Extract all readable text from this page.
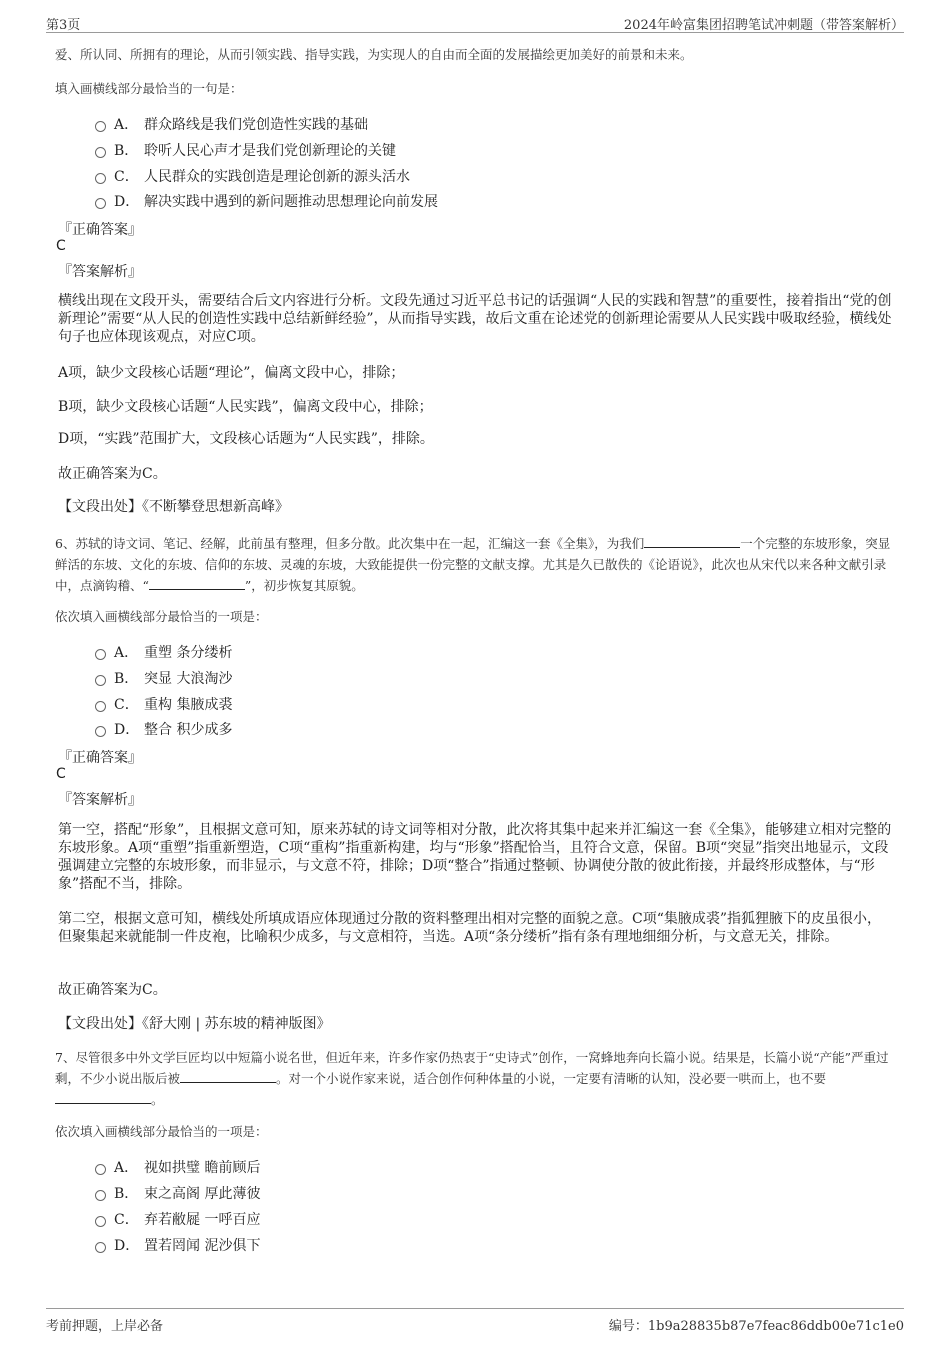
第3页	2024年岭富集团招聘笔试冲刺题（带答案解析）

爱、所认同、所拥有的理论，从而引领实践、指导实践，为实现人的自由而全面的发展描绘更加美好的前景和未来。

填入画横线部分最恰当的一句是：

A． 群众路线是我们党创造性实践的基础
B． 聆听人民心声才是我们党创新理论的关键
C． 人民群众的实践创造是理论创新的源头活水
D． 解决实践中遇到的新问题推动思想理论向前发展
『正确答案』
C
『答案解析』

横线出现在文段开头，需要结合后文内容进行分析。文段先通过习近平总书记的话强调“人民的实践和智慧”的重要性，接着指出“党的创新理论”需要“从人民的创造性实践中总结新鲜经验”，从而指导实践，故后文重在论述党的创新理论需要从人民实践中吸取经验，横线处句子也应体现该观点，对应C项。

A项，缺少文段核心话题“理论”，偏离文段中心，排除；

B项，缺少文段核心话题“人民实践”，偏离文段中心，排除；

D项，“实践”范围扩大，文段核心话题为“人民实践”，排除。

故正确答案为C。

【文段出处】《不断攀登思想新高峰》

6、苏轼的诗文词、笔记、经解，此前虽有整理，但多分散。此次集中在一起，汇编这一套《全集》，为我们	一个完整的东坡形象，突显鲜活的东坡、文化的东坡、信仰的东坡、灵魂的东坡，大致能提供一份完整的文献支撑。尤其是久已散佚的《论语说》，此次也从宋代以来各种文献引录中，点滴钩稽、“	”，初步恢复其原貌。

依次填入画横线部分最恰当的一项是：

A． 重塑 条分缕析
B． 突显 大浪淘沙
C． 重构 集腋成裘
D． 整合 积少成多
『正确答案』
C
『答案解析』

第一空，搭配“形象”，且根据文意可知，原来苏轼的诗文词等相对分散，此次将其集中起来并汇编这一套《全集》，能够建立相对完整的东坡形象。A项“重塑”指重新塑造，C项“重构”指重新构建，均与“形象”搭配恰当，且符合文意，保留。B项“突显”指突出地显示，文段强调建立完整的东坡形象，而非显示，与文意不符，排除；D项“整合”指通过整顿、协调使分散的彼此衔接，并最终形成整体，与“形象”搭配不当，排除。

第二空，根据文意可知，横线处所填成语应体现通过分散的资料整理出相对完整的面貌之意。C项“集腋成裘”指狐狸腋下的皮虽很小，但聚集起来就能制一件皮袍，比喻积少成多，与文意相符，当选。A项“条分缕析”指有条有理地细细分析，与文意无关，排除。

故正确答案为C。

【文段出处】《舒大刚 | 苏东坡的精神版图》

7、尽管很多中外文学巨匠均以中短篇小说名世，但近年来，许多作家仍热衷于“史诗式”创作，一窝蜂地奔向长篇小说。结果是，长篇小说“产能”严重过剩，不少小说出版后被	。对一个小说作家来说，适合创作何种体量的小说，一定要有清晰的认知，没必要一哄而上，也不要。

依次填入画横线部分最恰当的一项是：

A． 视如拱璧 瞻前顾后
B． 束之高阁 厚此薄彼
C． 弃若敝屣 一呼百应
D． 置若罔闻 泥沙俱下
考前押题，上岸必备	编号：1b9a28835b87e7feac86ddb00e71c1e0
